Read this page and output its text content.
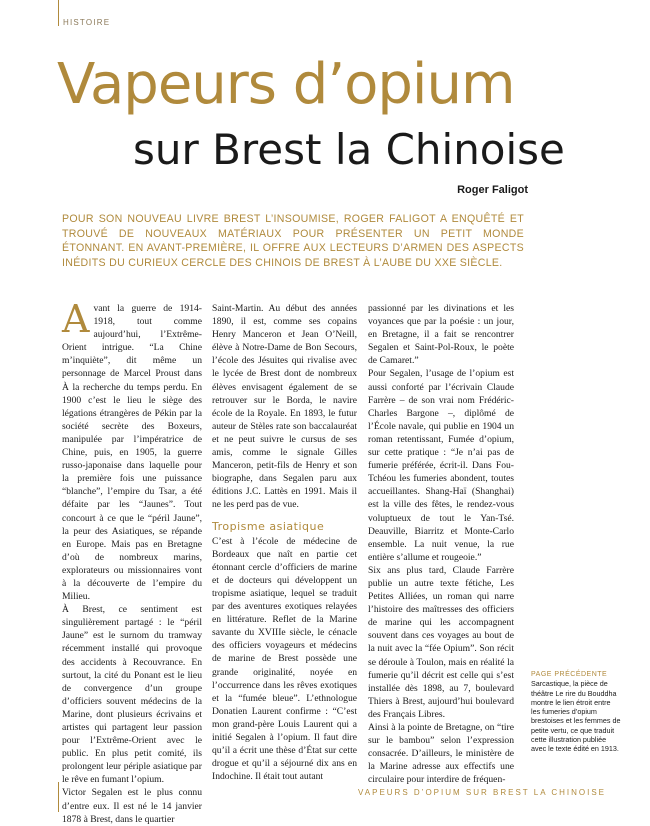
HISTOIRE
Vapeurs d’opium
sur Brest la Chinoise
Roger Faligot
POUR SON NOUVEAU LIVRE BREST L’INSOUMISE, ROGER FALIGOT A ENQUÊTÉ ET TROUVÉ DE NOUVEAUX MATÉRIAUX POUR PRÉSENTER UN PETIT MONDE ÉTONNANT. EN AVANT-PREMIÈRE, IL OFFRE AUX LECTEURS D’ARMEN DES ASPECTS INÉDITS DU CURIEUX CERCLE DES CHINOIS DE BREST À L’AUBE DU XXE SIÈCLE.
A vant la guerre de 1914-1918, tout comme aujourd’hui, l’Extrême-Orient intrigue. “La Chine m’inquiète”, dit même un personnage de Marcel Proust dans À la recherche du temps perdu. En 1900 c’est le lieu le siège des légations étrangères de Pékin par la société secrète des Boxeurs, manipulée par l’impératrice de Chine, puis, en 1905, la guerre russo-japonaise dans laquelle pour la première fois une puissance “blanche”, l’empire du Tsar, a été défaite par les “Jaunes”. Tout concourt à ce que le “péril Jaune”, la peur des Asiatiques, se répande en Europe. Mais pas en Bretagne d’où de nombreux marins, explorateurs ou missionnaires vont à la découverte de l’empire du Milieu.

À Brest, ce sentiment est singulièrement partagé : le “péril Jaune” est le surnom du tramway récemment installé qui provoque des accidents à Recouvrance. En surtout, la cité du Ponant est le lieu de convergence d’un groupe d’officiers souvent médecins de la Marine, dont plusieurs écrivains et artistes qui partagent leur passion pour l’Extrême-Orient avec le public. En plus petit comité, ils prolongent leur périple asiatique par le rêve en fumant l’opium.

Victor Segalen est le plus connu d’entre eux. Il est né le 14 janvier 1878 à Brest, dans le quartier

Saint-Martin. Au début des années 1890, il est, comme ses copains Henry Manceron et Jean O’Neill, élève à Notre-Dame de Bon Secours, l’école des Jésuites qui rivalise avec le lycée de Brest dont de nombreux élèves envisagent également de se retrouver sur le Borda, le navire école de la Royale. En 1893, le futur auteur de Stèles rate son baccalauréat et ne peut suivre le cursus de ses amis, comme le signale Gilles Manceron, petit-fils de Henry et son biographe, dans Segalen paru aux éditions J.C. Lattès en 1991. Mais il ne les perd pas de vue.

Tropisme asiatique

C’est à l’école de médecine de Bordeaux que naît en partie cet étonnant cercle d’officiers de marine et de docteurs qui développent un tropisme asiatique, lequel se traduit par des aventures exotiques relayées en littérature. Reflet de la Marine savante du XVIIIe siècle, le cénacle des officiers voyageurs et médecins de marine de Brest possède une grande originalité, noyée en l’occurrence dans les rêves exotiques et la “fumée bleue”. L’ethnologue Donatien Laurent confirme : “C’est mon grand-père Louis Laurent qui a initié Segalen à l’opium. Il faut dire qu’il a écrit une thèse d’État sur cette drogue et qu’il a séjourné dix ans en Indochine. Il était tout autant

passionné par les divinations et les voyances que par la poésie : un jour, en Bretagne, il a fait se rencontrer Segalen et Saint-Pol-Roux, le poète de Camaret.”

Pour Segalen, l’usage de l’opium est aussi conforté par l’écrivain Claude Farrère – de son vrai nom Frédéric-Charles Bargone –, diplômé de l’École navale, qui publie en 1904 un roman retentissant, Fumée d’opium, sur cette pratique : “Je n’ai pas de fumerie préférée, écrit-il. Dans Fou-Tchéou les fumeries abondent, toutes accueillantes. Shang-Haï (Shanghai) est la ville des fêtes, le rendez-vous voluptueux de tout le Yan-Tsé. Deauville, Biarritz et Monte-Carlo ensemble. La nuit venue, la rue entière s’allume et rougeoie.”

Six ans plus tard, Claude Farrère publie un autre texte fétiche, Les Petites Alliées, un roman qui narre l’histoire des maîtresses des officiers de marine qui les accompagnent souvent dans ces voyages au bout de la nuit avec la “fée Opium”. Son récit se déroule à Toulon, mais en réalité la fumerie qu’il décrit est celle qui s’est installée dès 1898, au 7, boulevard Thiers à Brest, aujourd’hui boulevard des Français Libres.

Ainsi à la pointe de Bretagne, on “tire sur le bambou” selon l’expression consacrée. D’ailleurs, le ministère de la Marine adresse aux effectifs une circulaire pour interdire de fréquen-

PAGE PRÉCÉDENTE
Sarcastique, la pièce de théâtre Le rire du Bouddha montre le lien étroit entre les fumeries d’opium brestoises et les femmes de petite vertu, ce que traduit cette illustration publiée avec le texte édité en 1913.
VAPEURS D’OPIUM SUR BREST LA CHINOISE
